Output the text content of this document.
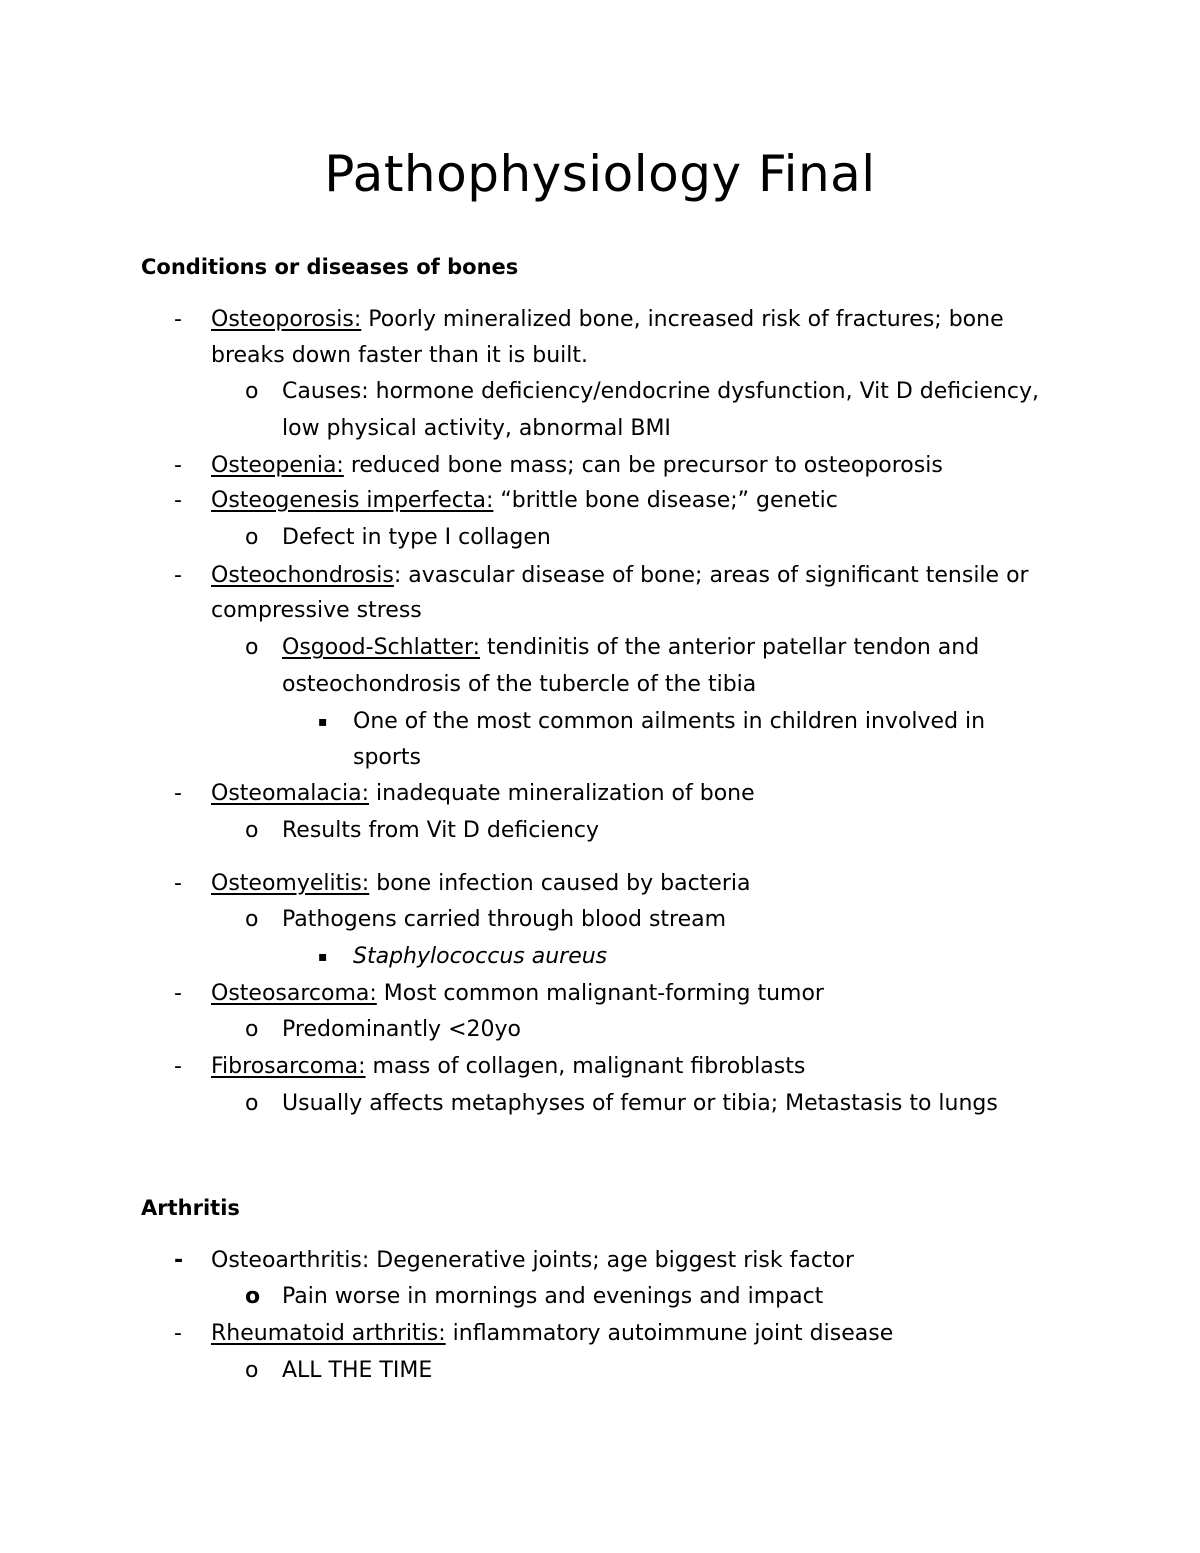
Pathophysiology Final
Conditions or diseases of bones
- Osteoporosis: Poorly mineralized bone, increased risk of fractures; bone
breaks down faster than it is built.
o Causes: hormone deficiency/endocrine dysfunction, Vit D deficiency,
low physical activity, abnormal BMI
- Osteopenia: reduced bone mass; can be precursor to osteoporosis
- Osteogenesis imperfecta: “brittle bone disease;” genetic
o Defect in type I collagen
- Osteochondrosis: avascular disease of bone; areas of significant tensile or
compressive stress
o Osgood-Schlatter: tendinitis of the anterior patellar tendon and
osteochondrosis of the tubercle of the tibia
▪ One of the most common ailments in children involved in
sports
- Osteomalacia: inadequate mineralization of bone
o Results from Vit D deficiency
- Osteomyelitis: bone infection caused by bacteria
o Pathogens carried through blood stream
▪ Staphylococcus aureus
- Osteosarcoma: Most common malignant-forming tumor
o Predominantly <20yo
- Fibrosarcoma: mass of collagen, malignant fibroblasts
o Usually affects metaphyses of femur or tibia; Metastasis to lungs
Arthritis
- Osteoarthritis: Degenerative joints; age biggest risk factor
o Pain worse in mornings and evenings and impact
- Rheumatoid arthritis: inflammatory autoimmune joint disease
o ALL THE TIME
